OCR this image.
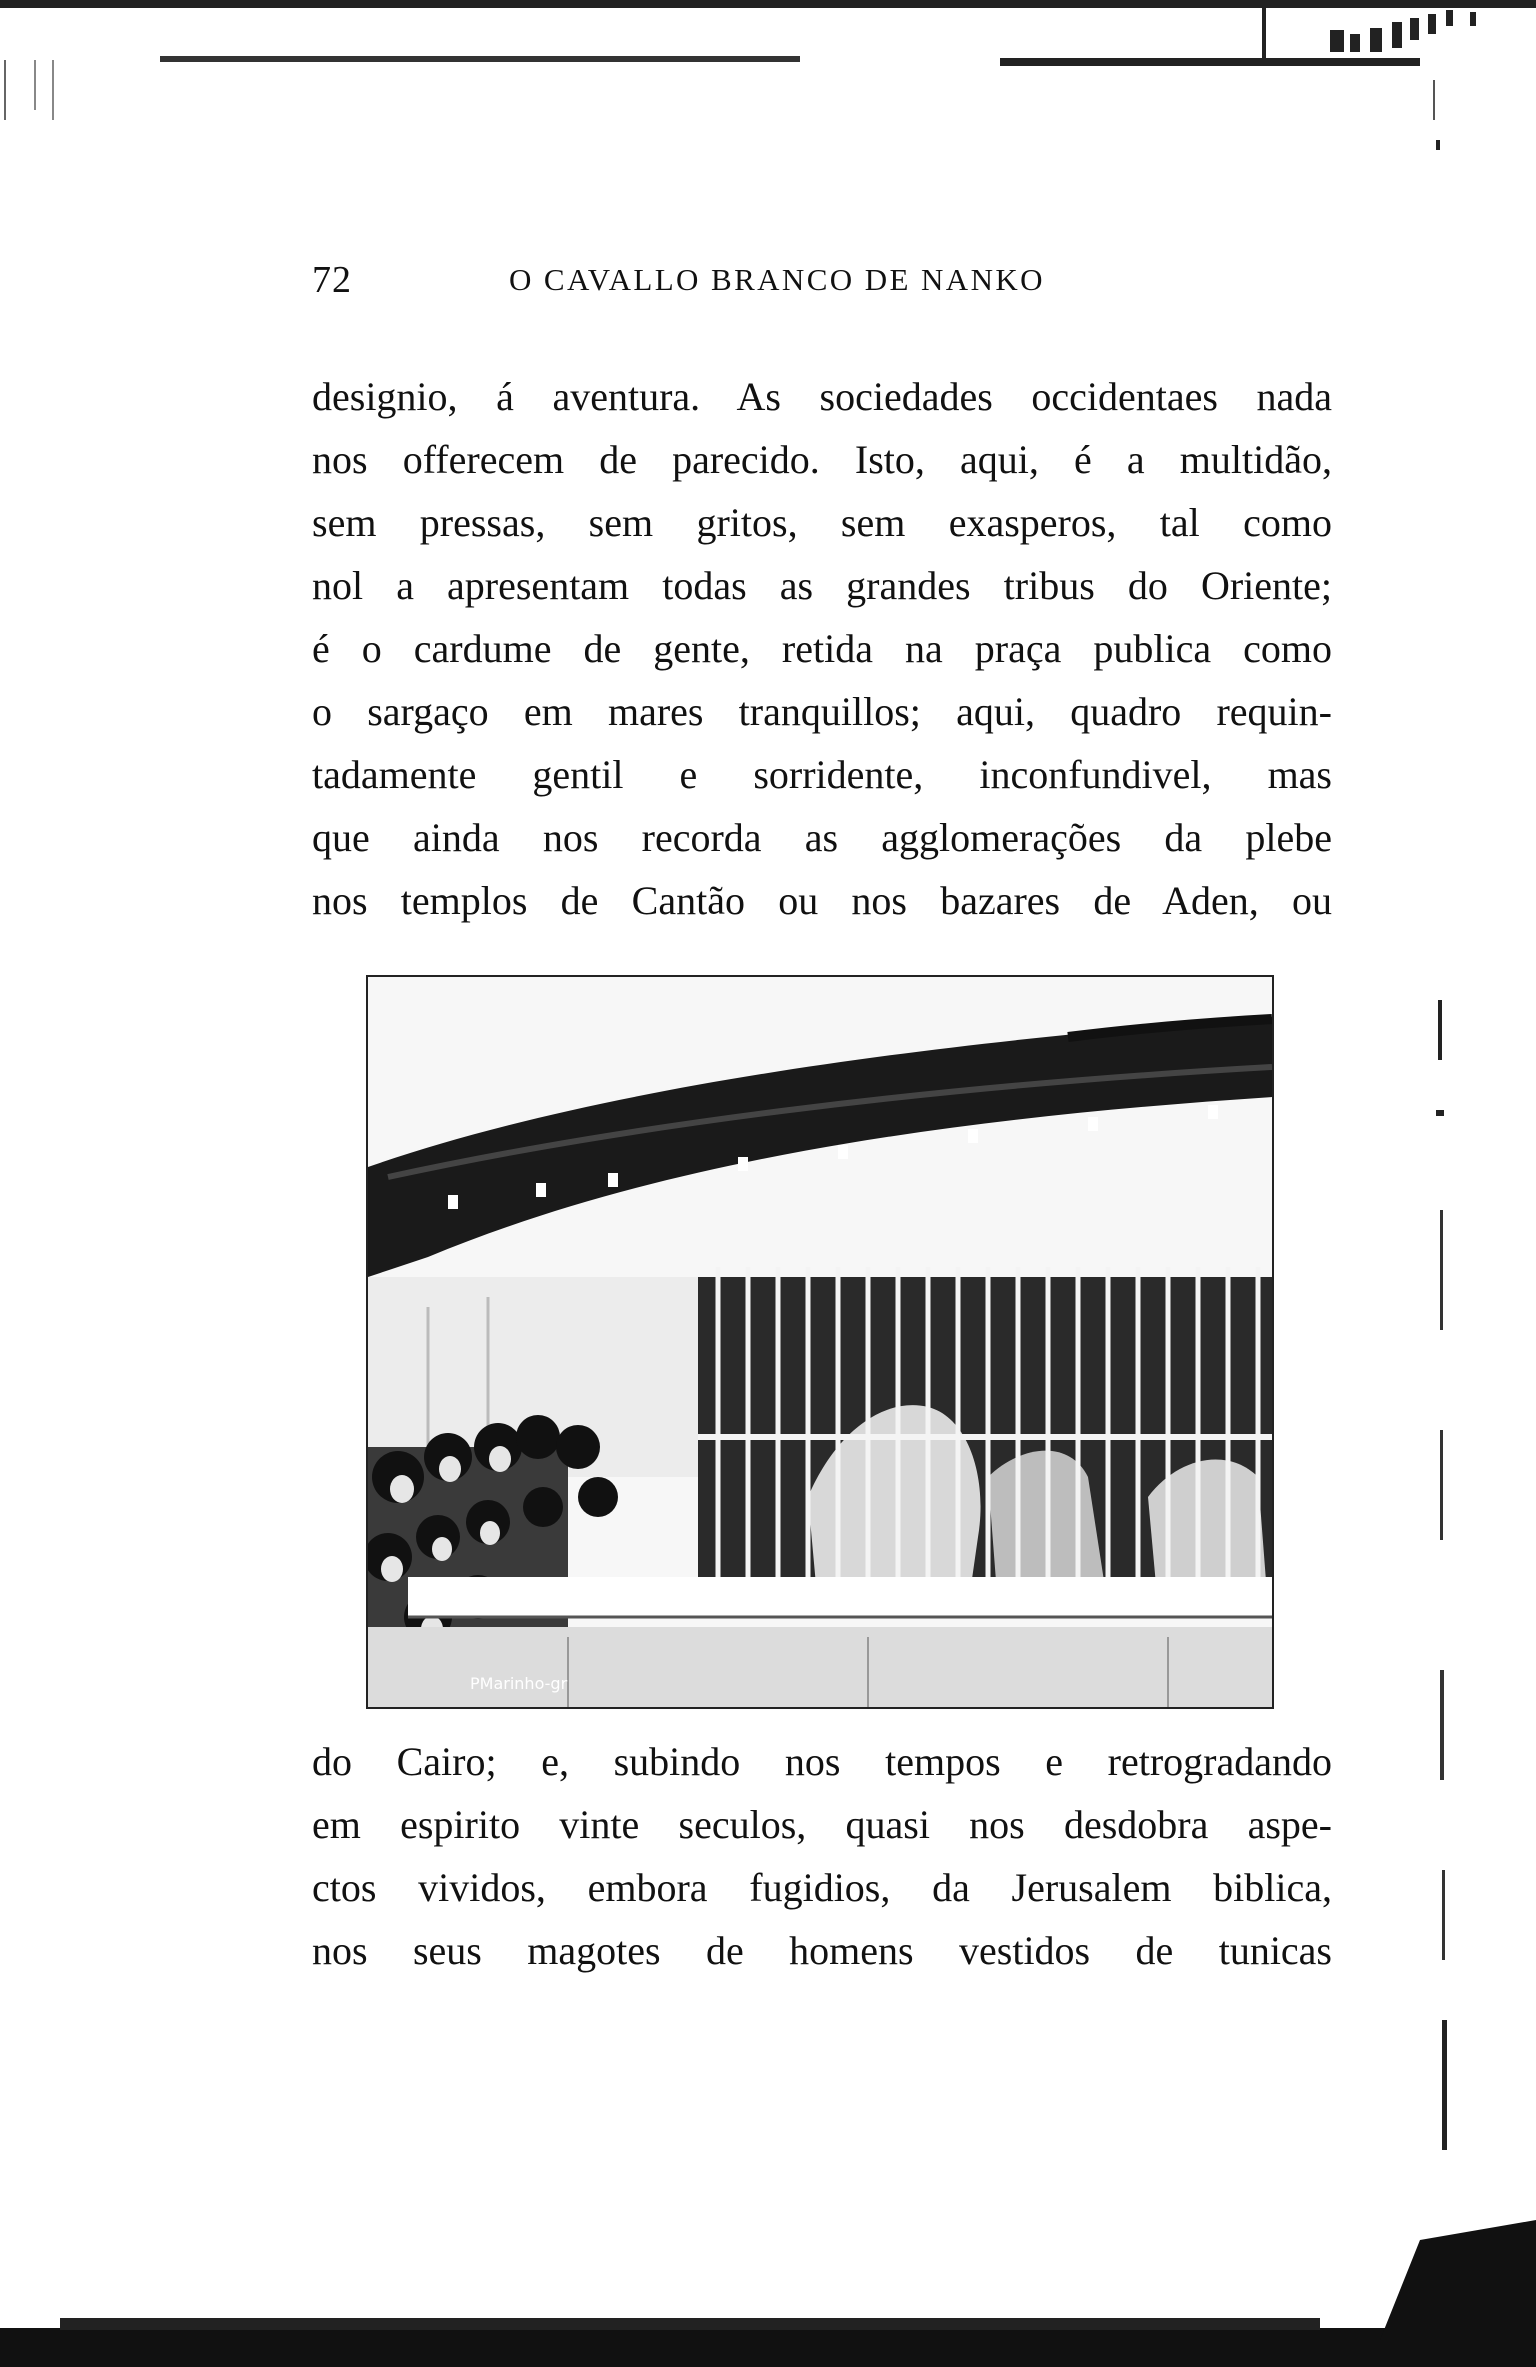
72	O CAVALLO BRANCO DE NANKO
designio, á aventura. As sociedades occidentaes nada
nos offerecem de parecido. Isto, aqui, é a multidão,
sem pressas, sem gritos, sem exasperos, tal como
nol a apresentam todas as grandes tribus do Oriente;
é o cardume de gente, retida na praça publica como
o sargaço em mares tranquillos; aqui, quadro requin-
tadamente gentil e sorridente, inconfundivel, mas
que ainda nos recorda as agglomerações da plebe
nos templos de Cantão ou nos bazares de Aden, ou
PMarinho-gr
do Cairo; e, subindo nos tempos e retrogradando
em espirito vinte seculos, quasi nos desdobra aspe-
ctos vividos, embora fugidios, da Jerusalem biblica,
nos seus magotes de homens vestidos de tunicas
